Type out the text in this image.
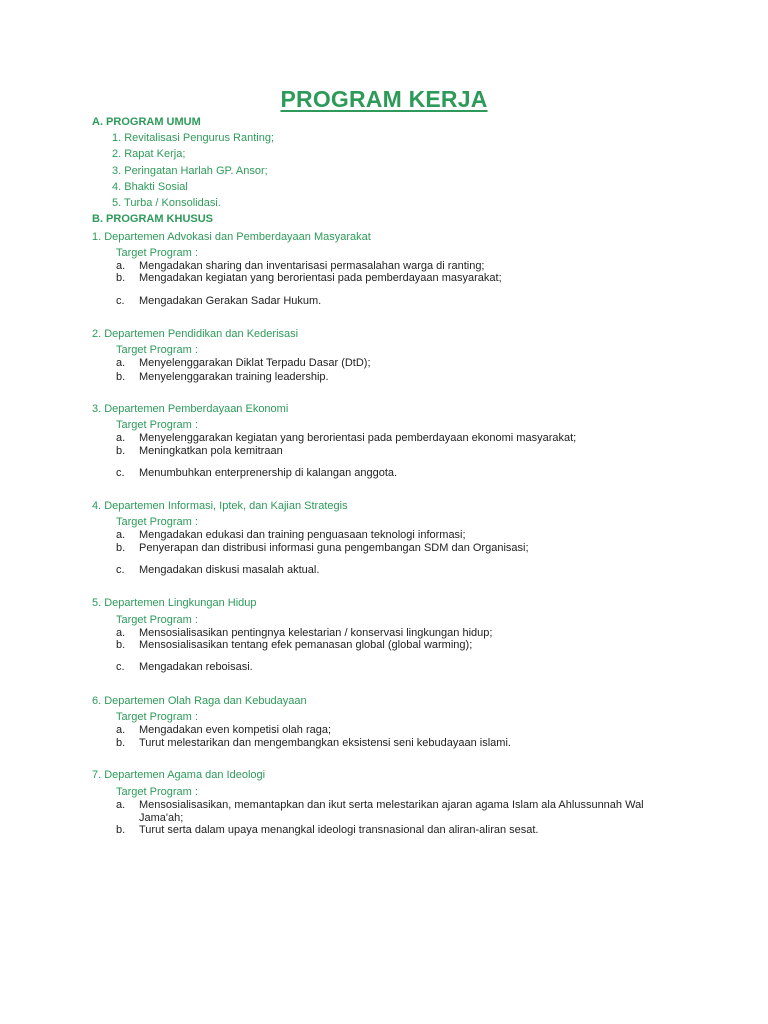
PROGRAM KERJA
A. PROGRAM UMUM
1. Revitalisasi Pengurus Ranting;
2. Rapat Kerja;
3. Peringatan Harlah GP. Ansor;
4. Bhakti Sosial
5. Turba / Konsolidasi.
B. PROGRAM KHUSUS
1. Departemen Advokasi dan Pemberdayaan Masyarakat
Target Program :
a. Mengadakan sharing dan inventarisasi permasalahan warga di ranting;
b. Mengadakan kegiatan yang berorientasi pada pemberdayaan masyarakat;
c. Mengadakan Gerakan Sadar Hukum.
2. Departemen Pendidikan dan Kederisasi
Target Program :
a. Menyelenggarakan Diklat Terpadu Dasar (DtD);
b. Menyelenggarakan training leadership.
3. Departemen Pemberdayaan Ekonomi
Target Program :
a. Menyelenggarakan kegiatan yang berorientasi pada pemberdayaan ekonomi masyarakat;
b. Meningkatkan pola kemitraan
c. Menumbuhkan enterprenership di kalangan anggota.
4. Departemen Informasi, Iptek, dan Kajian Strategis
Target Program :
a. Mengadakan edukasi dan training penguasaan teknologi informasi;
b. Penyerapan dan distribusi informasi guna pengembangan SDM dan Organisasi;
c. Mengadakan diskusi masalah aktual.
5. Departemen Lingkungan Hidup
Target Program :
a. Mensosialisasikan pentingnya kelestarian / konservasi lingkungan hidup;
b. Mensosialisasikan tentang efek pemanasan global (global warming);
c. Mengadakan reboisasi.
6. Departemen Olah Raga dan Kebudayaan
Target Program :
a. Mengadakan even kompetisi olah raga;
b. Turut melestarikan dan mengembangkan eksistensi seni kebudayaan islami.
7. Departemen Agama dan Ideologi
Target Program :
a. Mensosialisasikan, memantapkan dan ikut serta melestarikan ajaran agama Islam ala Ahlussunnah Wal Jama'ah;
b. Turut serta dalam upaya menangkal ideologi transnasional dan aliran-aliran sesat.
